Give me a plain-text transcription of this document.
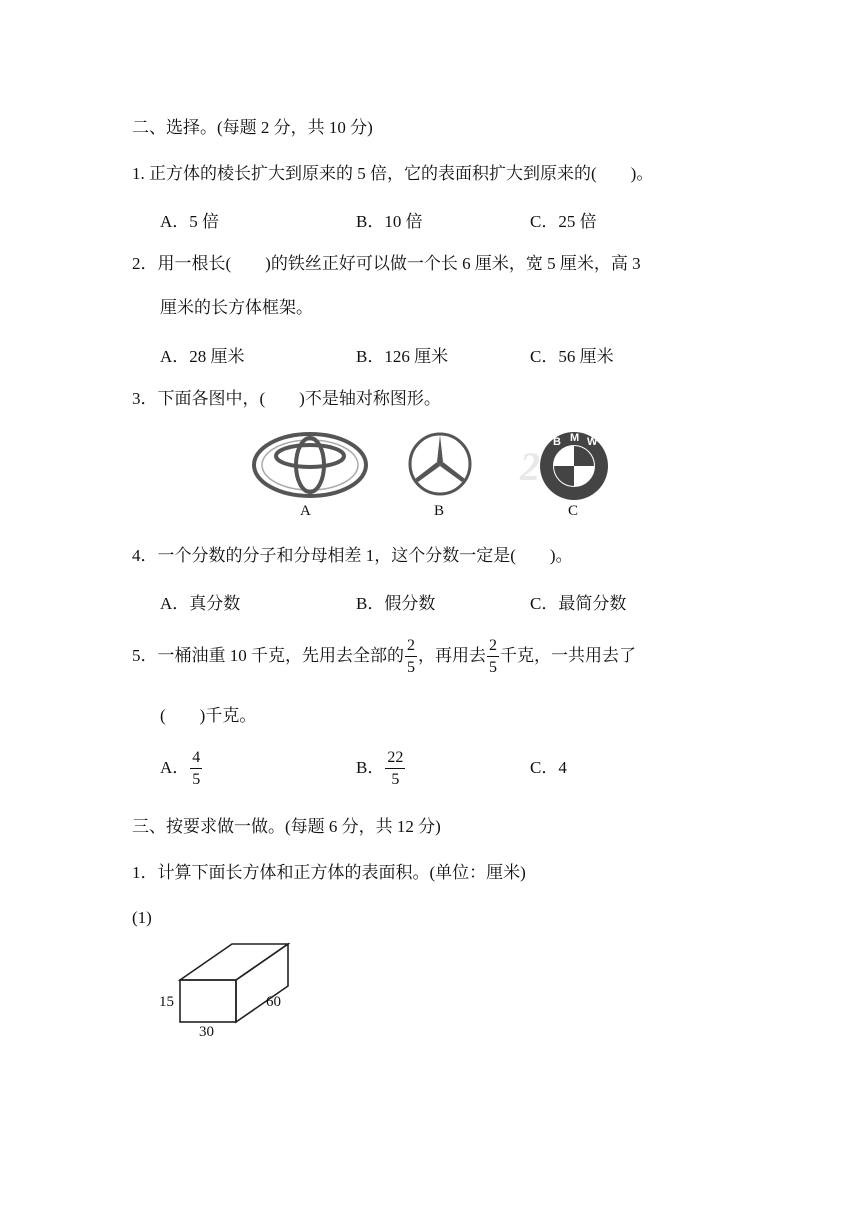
二、选择。(每题 2 分，共 10 分)
1. 正方体的棱长扩大到原来的 5 倍，它的表面积扩大到原来的(　　)。
A．5 倍	B．10 倍	C．25 倍
2．用一根长(　　)的铁丝正好可以做一个长 6 厘米，宽 5 厘米，高 3
厘米的长方体框架。
A．28 厘米	B．126 厘米	C．56 厘米
3．下面各图中，(　　)不是轴对称图形。
2
A	B
B M W
C
4．一个分数的分子和分母相差 1，这个分数一定是(　　)。
A．真分数	B．假分数	C．最简分数
5．一桶油重 10 千克，先用去全部的 $\frac{2}{5}$ ，再用去 $\frac{2}{5}$ 千克，一共用去了
(　　)千克。
A． $\frac{4}{5}$	B． $\frac{22}{5}$	C．4
三、按要求做一做。(每题 6 分，共 12 分)
1．计算下面长方体和正方体的表面积。(单位：厘米)
(1)
15
30
60
